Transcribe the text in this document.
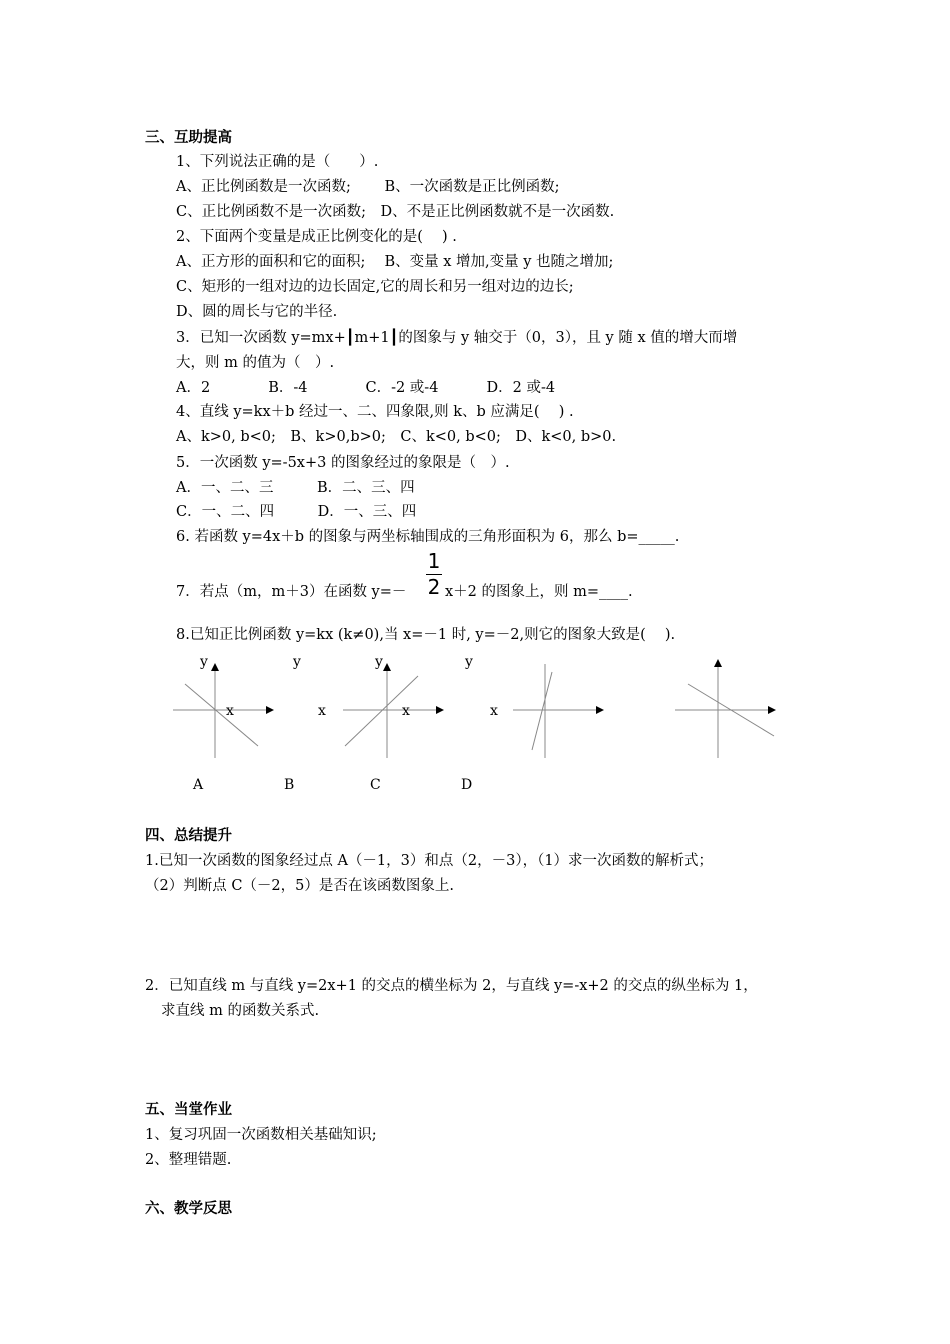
三、互助提高
1、下列说法正确的是（　　）.
A、正比例函数是一次函数;　　 B、一次函数是正比例函数;
C、正比例函数不是一次函数;　D、不是正比例函数就不是一次函数.
2、下面两个变量是成正比例变化的是(　 ) .
A、正方形的面积和它的面积;　 B、变量 x 增加,变量 y 也随之增加;
C、矩形的一组对边的边长固定,它的周长和另一组对边的边长;
D、圆的周长与它的半径.
3．已知一次函数 y=mx+┃m+1┃的图象与 y 轴交于（0，3），且 y 随 x 值的增大而增
大，则 m 的值为（　）.
A．2　　　　B．-4　　　　C．-2 或-4　　　 D．2 或-4
4、直线 y=kx＋b 经过一、二、四象限,则 k、b 应满足(　 ) .
A、k>0, b<0;　B、k>0,b>0;　C、k<0, b<0;　D、k<0, b>0.
5．一次函数 y=-5x+3 的图象经过的象限是（　）.
A．一、二、三　　　B．二、三、四
C．一、二、四　　　D．一、三、四
6. 若函数 y=4x＋b 的图象与两坐标轴围成的三角形面积为 6，那么 b=_____.
7．若点（m，m＋3）在函数 y=－
1
2 x＋2 的图象上，则 m=____.
8.已知正比例函数 y=kx (k≠0),当 x=－1 时, y=－2,则它的图象大致是(　 ).
y
x
y
x
y
x
y
x
A	B	C	D
四、总结提升
1.已知一次函数的图象经过点 A（－1，3）和点（2，－3），（1）求一次函数的解析式；
（2）判断点 C（－2，5）是否在该函数图象上.
2．已知直线 m 与直线 y=2x+1 的交点的横坐标为 2，与直线 y=-x+2 的交点的纵坐标为 1，
求直线 m 的函数关系式.
五、当堂作业
1、复习巩固一次函数相关基础知识;
2、整理错题.
六、教学反思
